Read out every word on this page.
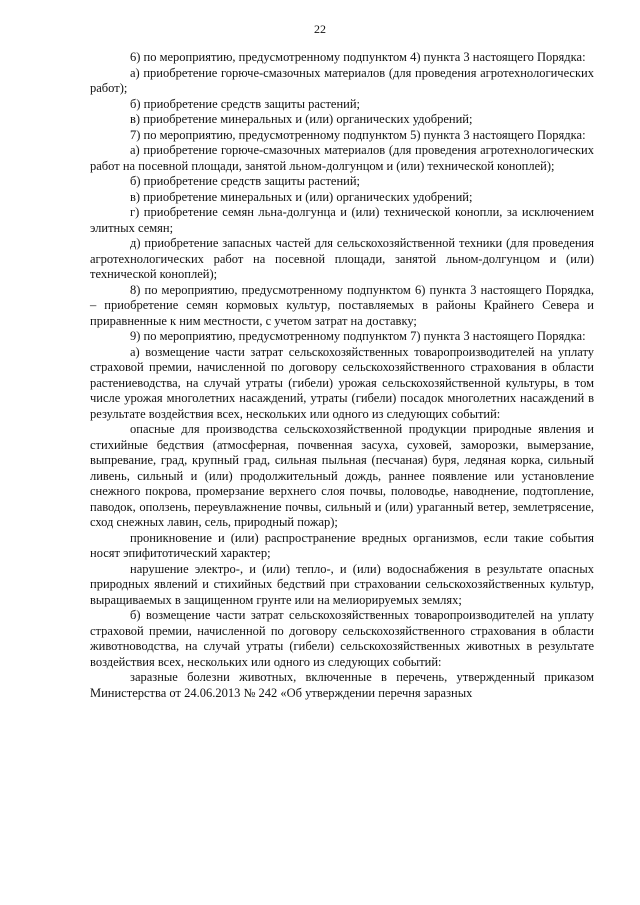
22

6) по мероприятию, предусмотренному подпунктом 4) пункта 3 настоящего Порядка:

а) приобретение горюче-смазочных материалов (для проведения агротехнологических работ);

б) приобретение средств защиты растений;

в) приобретение минеральных и (или) органических удобрений;

7) по мероприятию, предусмотренному подпунктом 5) пункта 3 настоящего Порядка:

а) приобретение горюче-смазочных материалов (для проведения агротехнологических работ на посевной площади, занятой льном-долгунцом и (или) технической коноплей);

б) приобретение средств защиты растений;

в) приобретение минеральных и (или) органических удобрений;

г) приобретение семян льна-долгунца и (или) технической конопли, за исключением элитных семян;

д) приобретение запасных частей для сельскохозяйственной техники (для проведения агротехнологических работ на посевной площади, занятой льном-долгунцом и (или) технической коноплей);

8) по мероприятию, предусмотренному подпунктом 6) пункта 3 настоящего Порядка, – приобретение семян кормовых культур, поставляемых в районы Крайнего Севера и приравненные к ним местности, с учетом затрат на доставку;

9) по мероприятию, предусмотренному подпунктом 7) пункта 3 настоящего Порядка:

а) возмещение части затрат сельскохозяйственных товаропроизводителей на уплату страховой премии, начисленной по договору сельскохозяйственного страхования в области растениеводства, на случай утраты (гибели) урожая сельскохозяйственной культуры, в том числе урожая многолетних насаждений, утраты (гибели) посадок многолетних насаждений в результате воздействия всех, нескольких или одного из следующих событий:

опасные для производства сельскохозяйственной продукции природные явления и стихийные бедствия (атмосферная, почвенная засуха, суховей, заморозки, вымерзание, выпревание, град, крупный град, сильная пыльная (песчаная) буря, ледяная корка, сильный ливень, сильный и (или) продолжительный дождь, раннее появление или установление снежного покрова, промерзание верхнего слоя почвы, половодье, наводнение, подтопление, паводок, оползень, переувлажнение почвы, сильный и (или) ураганный ветер, землетрясение, сход снежных лавин, сель, природный пожар);

проникновение и (или) распространение вредных организмов, если такие события носят эпифитотический характер;

нарушение электро-, и (или) тепло-, и (или) водоснабжения в результате опасных природных явлений и стихийных бедствий при страховании сельскохозяйственных культур, выращиваемых в защищенном грунте или на мелиорируемых землях;

б) возмещение части затрат сельскохозяйственных товаропроизводителей на уплату страховой премии, начисленной по договору сельскохозяйственного страхования в области животноводства, на случай утраты (гибели) сельскохозяйственных животных в результате воздействия всех, нескольких или одного из следующих событий:

заразные болезни животных, включенные в перечень, утвержденный приказом Министерства от 24.06.2013 № 242 «Об утверждении перечня заразных
